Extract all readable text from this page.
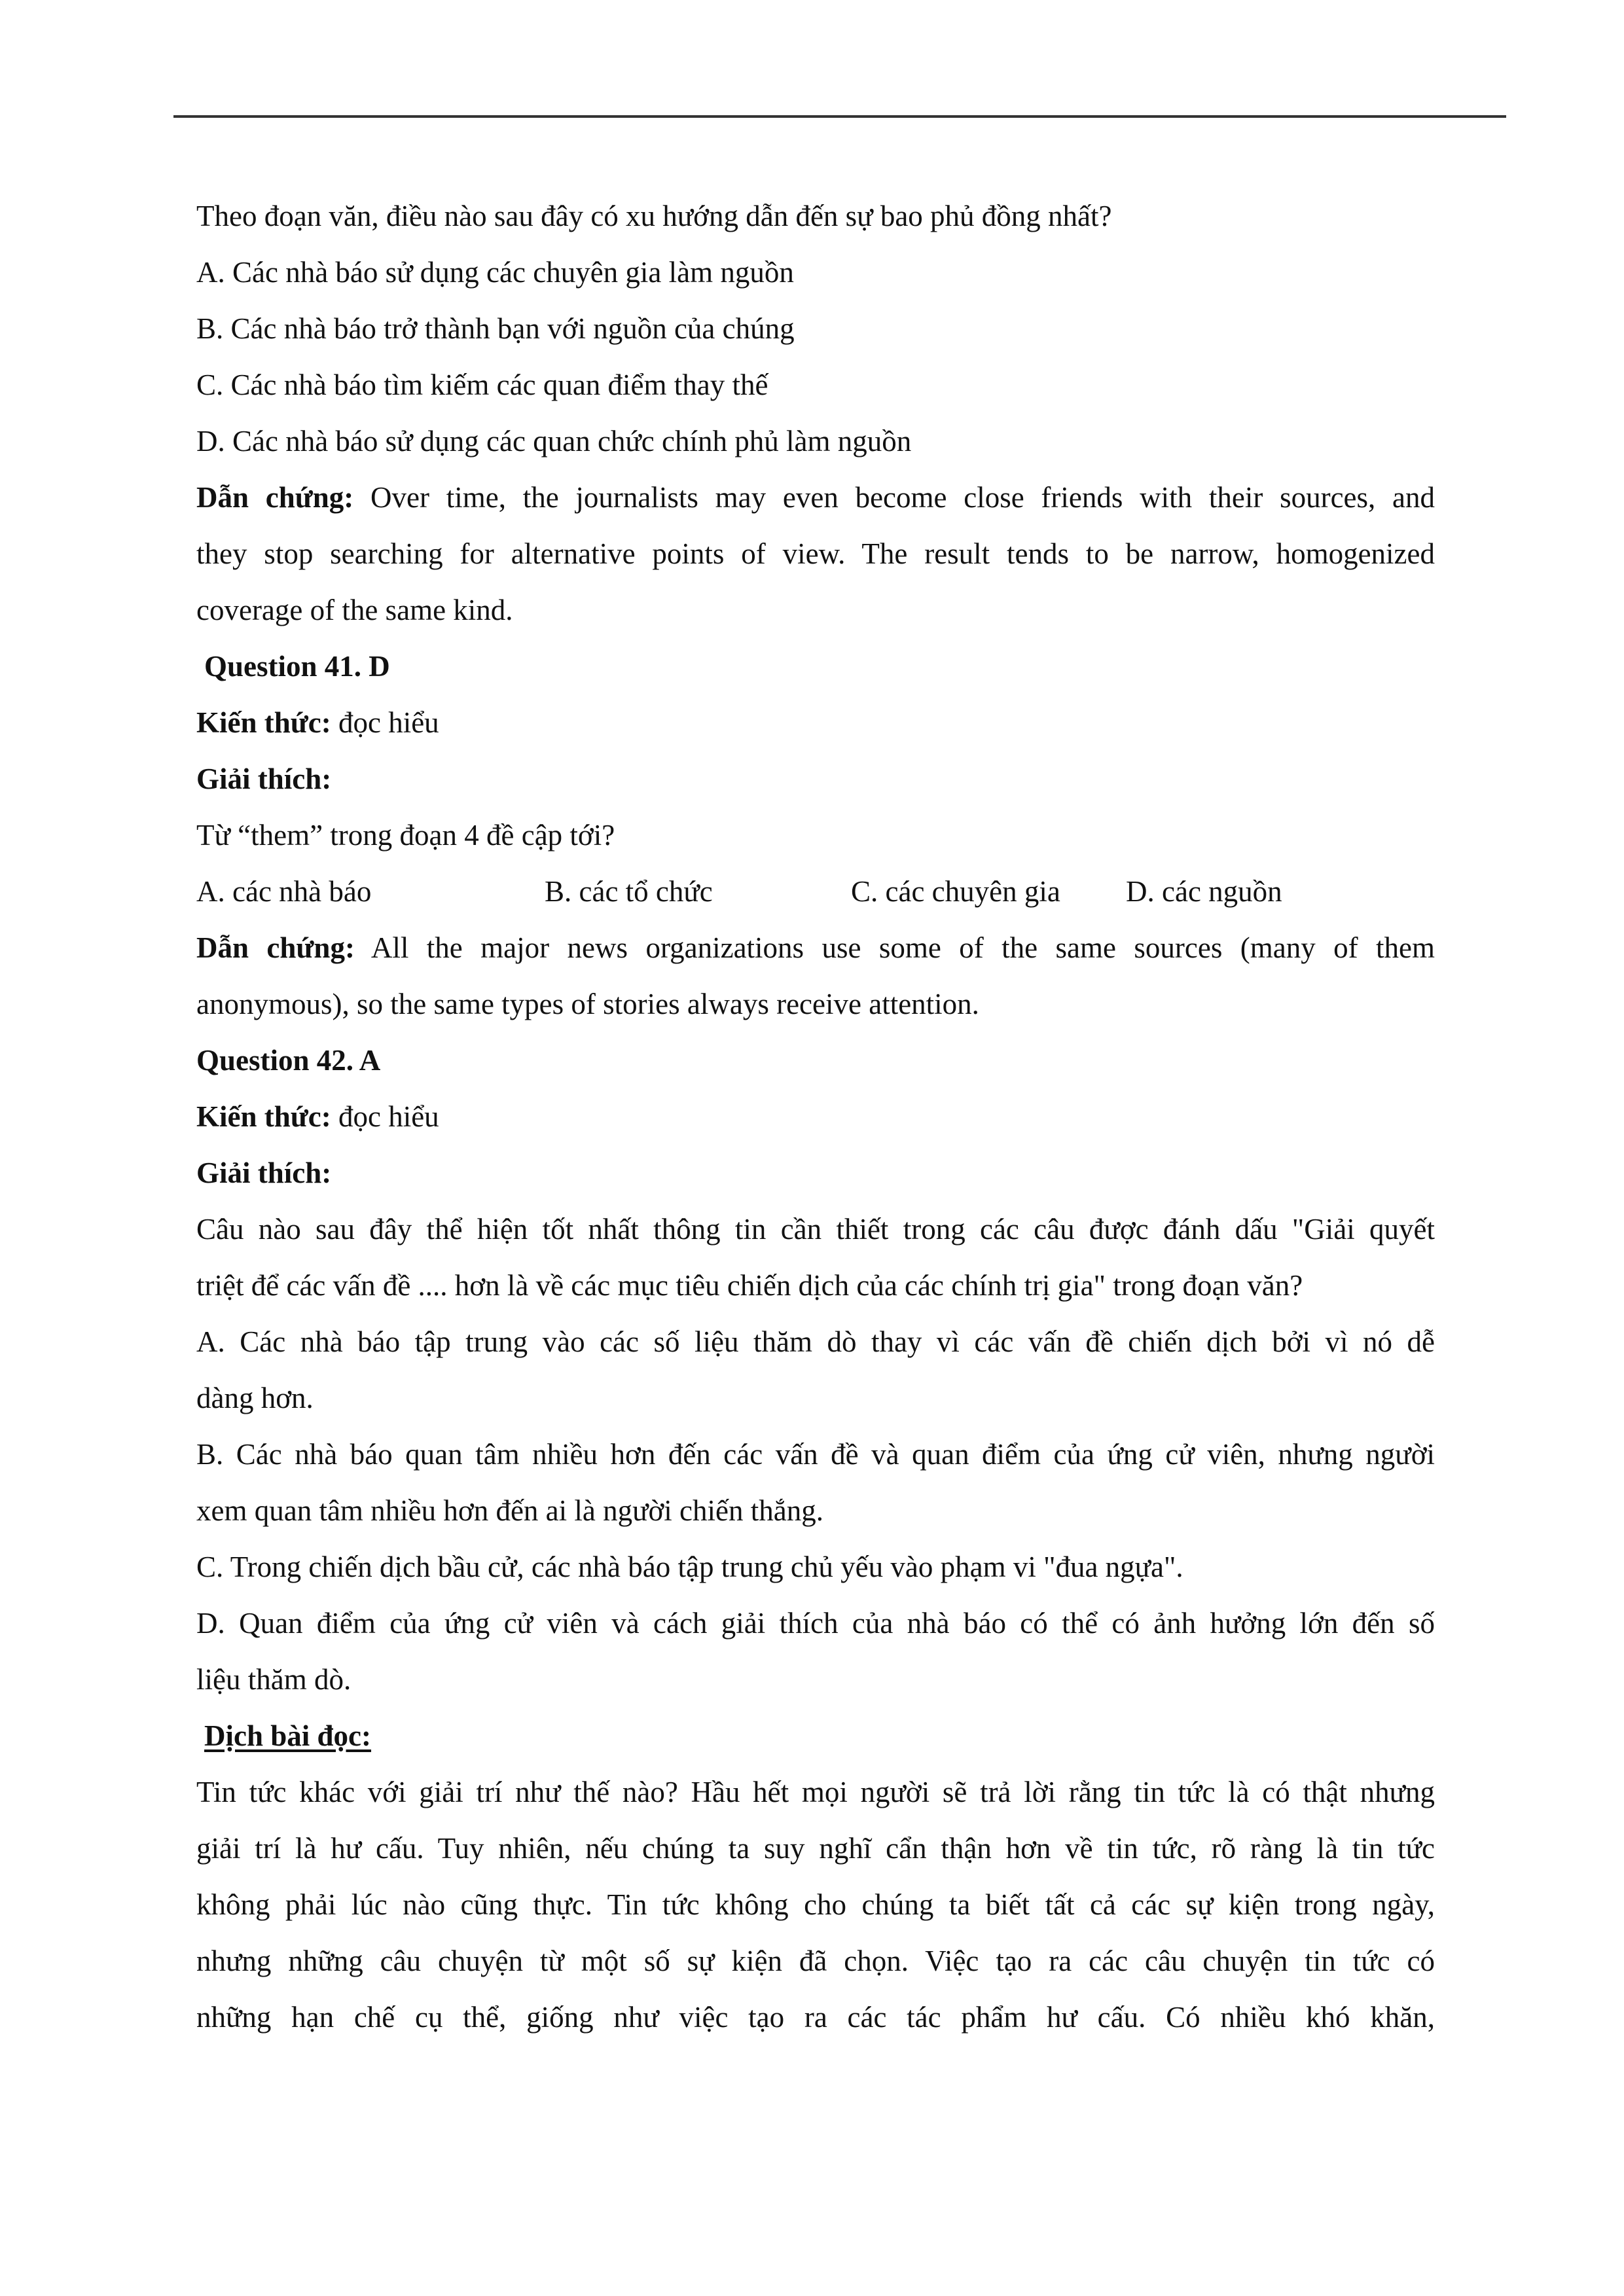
Theo đoạn văn, điều nào sau đây có xu hướng dẫn đến sự bao phủ đồng nhất?
A. Các nhà báo sử dụng các chuyên gia làm nguồn
B. Các nhà báo trở thành bạn với nguồn của chúng
C. Các nhà báo tìm kiếm các quan điểm thay thế
D. Các nhà báo sử dụng các quan chức chính phủ làm nguồn
Dẫn chứng: Over time, the journalists may even become close friends with their sources, and
they stop searching for alternative points of view. The result tends to be narrow, homogenized
coverage of the same kind.
Question 41. D
Kiến thức: đọc hiểu
Giải thích:
Từ “them” trong đoạn 4 đề cập tới?
A. các nhà báo	B. các tổ chức	C. các chuyên gia D. các nguồn
Dẫn chứng: All the major news organizations use some of the same sources (many of them
anonymous), so the same types of stories always receive attention.
Question 42. A
Kiến thức: đọc hiểu
Giải thích:
Câu nào sau đây thể hiện tốt nhất thông tin cần thiết trong các câu được đánh dấu "Giải quyết
triệt để các vấn đề .... hơn là về các mục tiêu chiến dịch của các chính trị gia" trong đoạn văn?
A. Các nhà báo tập trung vào các số liệu thăm dò thay vì các vấn đề chiến dịch bởi vì nó dễ
dàng hơn.
B. Các nhà báo quan tâm nhiều hơn đến các vấn đề và quan điểm của ứng cử viên, nhưng người
xem quan tâm nhiều hơn đến ai là người chiến thắng.
C. Trong chiến dịch bầu cử, các nhà báo tập trung chủ yếu vào phạm vi "đua ngựa".
D. Quan điểm của ứng cử viên và cách giải thích của nhà báo có thể có ảnh hưởng lớn đến số
liệu thăm dò.
Dịch bài đọc:
Tin tức khác với giải trí như thế nào? Hầu hết mọi người sẽ trả lời rằng tin tức là có thật nhưng
giải trí là hư cấu. Tuy nhiên, nếu chúng ta suy nghĩ cẩn thận hơn về tin tức, rõ ràng là tin tức
không phải lúc nào cũng thực. Tin tức không cho chúng ta biết tất cả các sự kiện trong ngày,
nhưng những câu chuyện từ một số sự kiện đã chọn. Việc tạo ra các câu chuyện tin tức có
những hạn chế cụ thể, giống như việc tạo ra các tác phẩm hư cấu. Có nhiều khó khăn,
